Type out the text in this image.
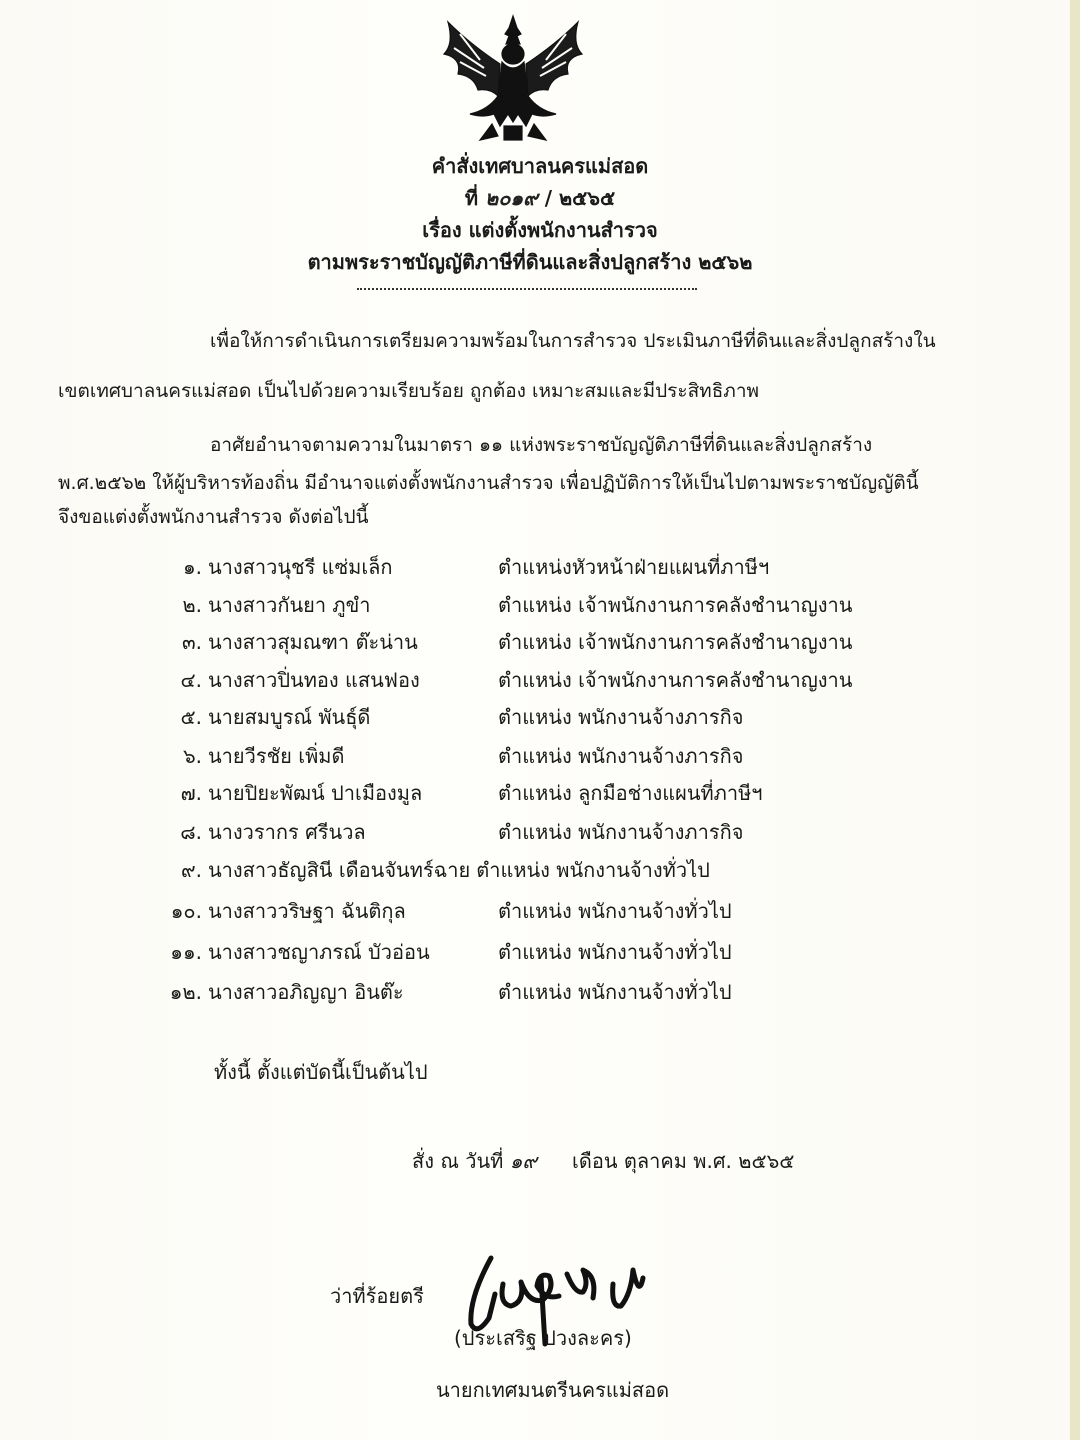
คำสั่งเทศบาลนครแม่สอด
ที่ ๒๐๑๙ / ๒๕๖๕
เรื่อง แต่งตั้งพนักงานสำรวจ
ตามพระราชบัญญัติภาษีที่ดินและสิ่งปลูกสร้าง ๒๕๖๒
เพื่อให้การดำเนินการเตรียมความพร้อมในการสำรวจ ประเมินภาษีที่ดินและสิ่งปลูกสร้างใน
เขตเทศบาลนครแม่สอด เป็นไปด้วยความเรียบร้อย ถูกต้อง เหมาะสมและมีประสิทธิภาพ
อาศัยอำนาจตามความในมาตรา ๑๑ แห่งพระราชบัญญัติภาษีที่ดินและสิ่งปลูกสร้าง
พ.ศ.๒๕๖๒ ให้ผู้บริหารท้องถิ่น มีอำนาจแต่งตั้งพนักงานสำรวจ เพื่อปฏิบัติการให้เป็นไปตามพระราชบัญญัตินี้
จึงขอแต่งตั้งพนักงานสำรวจ ดังต่อไปนี้
๑. นางสาวนุชรี แซ่มเล็ก	ตำแหน่งหัวหน้าฝ่ายแผนที่ภาษีฯ
๒. นางสาวกันยา ภูขำ	ตำแหน่ง เจ้าพนักงานการคลังชำนาญงาน
๓. นางสาวสุมณฑา ต๊ะน่าน	ตำแหน่ง เจ้าพนักงานการคลังชำนาญงาน
๔. นางสาวปิ่นทอง แสนฟอง	ตำแหน่ง เจ้าพนักงานการคลังชำนาญงาน
๕. นายสมบูรณ์ พันธุ์ดี	ตำแหน่ง พนักงานจ้างภารกิจ
๖. นายวีรชัย เพิ่มดี	ตำแหน่ง พนักงานจ้างภารกิจ
๗. นายปิยะพัฒน์ ปาเมืองมูล	ตำแหน่ง ลูกมือช่างแผนที่ภาษีฯ
๘. นางวรากร ศรีนวล	ตำแหน่ง พนักงานจ้างภารกิจ
๙. นางสาวธัญสินี เดือนจันทร์ฉาย ตำแหน่ง พนักงานจ้างทั่วไป
๑๐. นางสาววริษฐา ฉันติกุล	ตำแหน่ง พนักงานจ้างทั่วไป
๑๑. นางสาวชญาภรณ์ บัวอ่อน	ตำแหน่ง พนักงานจ้างทั่วไป
๑๒. นางสาวอภิญญา อินต๊ะ	ตำแหน่ง พนักงานจ้างทั่วไป
ทั้งนี้ ตั้งแต่บัดนี้เป็นต้นไป
สั่ง ณ วันที่ ๑๙ เดือน ตุลาคม พ.ศ. ๒๕๖๕
ว่าที่ร้อยตรี
(ประเสริฐ ปวงละคร)
นายกเทศมนตรีนครแม่สอด
